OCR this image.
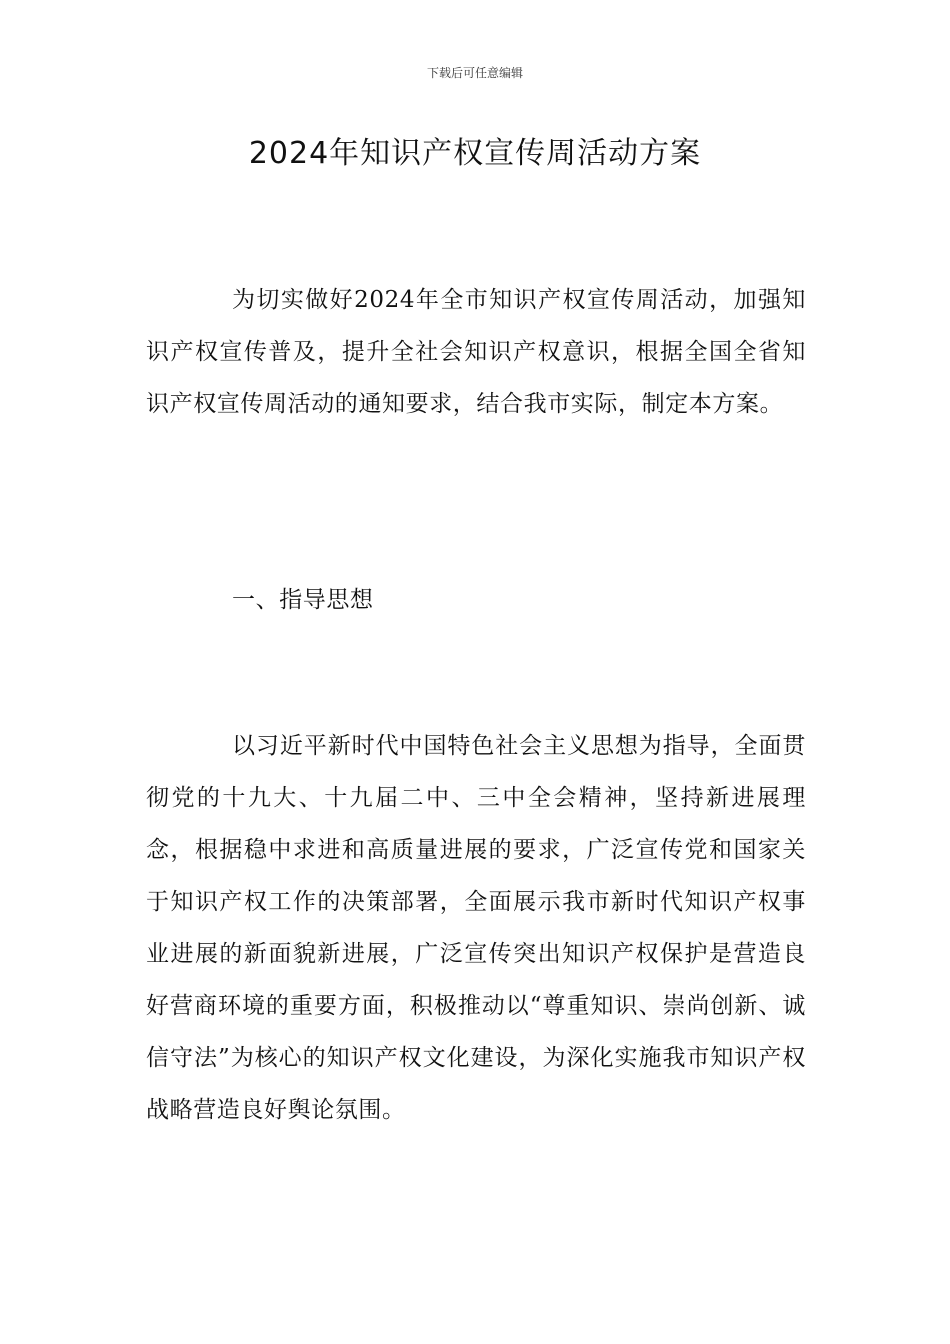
下载后可任意编辑
2024年知识产权宣传周活动方案

为切实做好2024年全市知识产权宣传周活动，加强知识产权宣传普及，提升全社会知识产权意识，根据全国全省知识产权宣传周活动的通知要求，结合我市实际，制定本方案。

一、指导思想

以习近平新时代中国特色社会主义思想为指导，全面贯彻党的十九大、十九届二中、三中全会精神，坚持新进展理念，根据稳中求进和高质量进展的要求，广泛宣传党和国家关于知识产权工作的决策部署，全面展示我市新时代知识产权事业进展的新面貌新进展，广泛宣传突出知识产权保护是营造良好营商环境的重要方面，积极推动以“尊重知识、崇尚创新、诚信守法”为核心的知识产权文化建设，为深化实施我市知识产权战略营造良好舆论氛围。
